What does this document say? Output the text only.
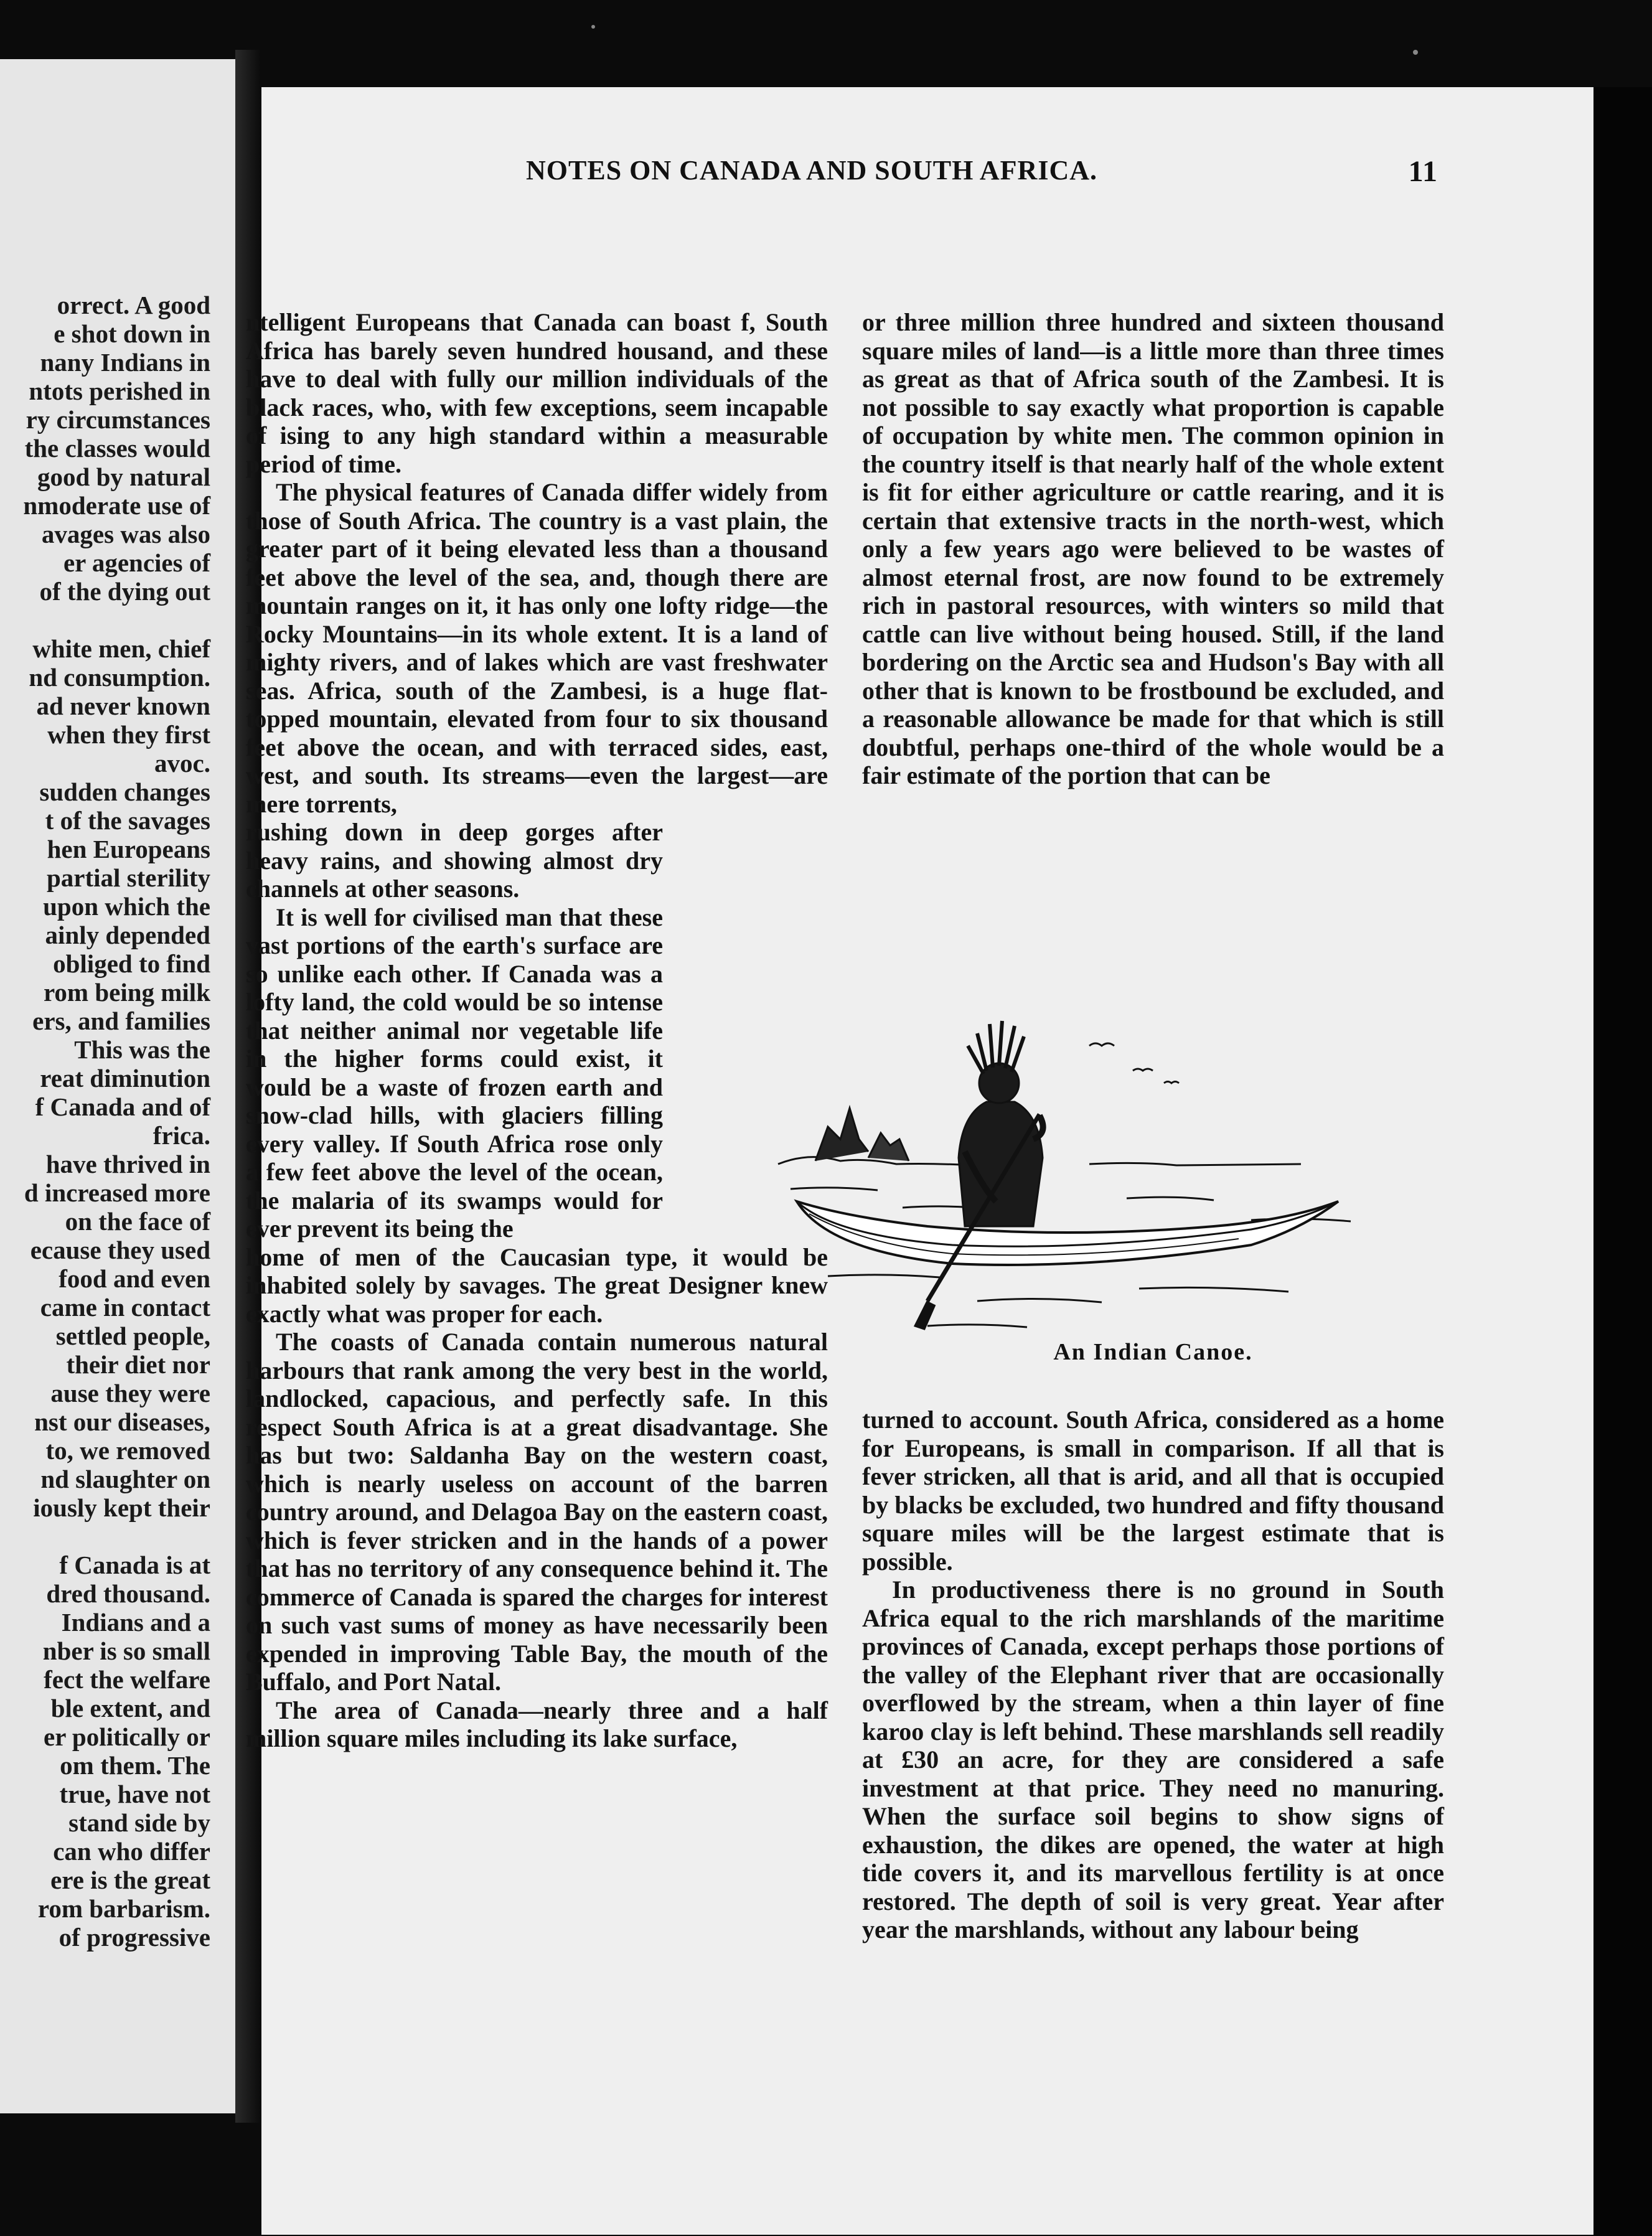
orrect. A good
e shot down in
nany Indians in
ntots perished in
ry circumstances
the classes would
good by natural
nmoderate use of
avages was also
er agencies of
of the dying out
white men, chief
nd consumption.
ad never known
when they first
avoc.
sudden changes
t of the savages
hen Europeans
partial sterility
upon which the
ainly depended
obliged to find
rom being milk
ers, and families
This was the
reat diminution
f Canada and of
frica.
have thrived in
d increased more
on the face of
ecause they used
food and even
came in contact
settled people,
their diet nor
ause they were
nst our diseases,
to, we removed
nd slaughter on
iously kept their
f Canada is at
dred thousand.
Indians and a
nber is so small
fect the welfare
ble extent, and
er politically or
om them. The
true, have not
stand side by
can who differ
ere is the great
rom barbarism.
of progressive
NOTES ON CANADA AND SOUTH AFRICA.	11

ntelligent Europeans that Canada can boast f, South Africa has barely seven hundred housand, and these have to deal with fully our million individuals of the black races, who, with few exceptions, seem incapable of ising to any high standard within a measurable period of time.

The physical features of Canada differ widely from those of South Africa. The country is a vast plain, the greater part of it being elevated less than a thousand feet above the level of the sea, and, though there are mountain ranges on it, it has only one lofty ridge—the Rocky Mountains—in its whole extent. It is a land of mighty rivers, and of lakes which are vast freshwater seas. Africa, south of the Zambesi, is a huge flat-topped mountain, elevated from four to six thousand feet above the ocean, and with terraced sides, east, west, and south. Its streams—even the largest—are mere torrents,

rushing down in deep gorges after heavy rains, and showing almost dry channels at other seasons.

It is well for civilised man that these vast portions of the earth's surface are so unlike each other. If Canada was a lofty land, the cold would be so intense that neither animal nor vegetable life in the higher forms could exist, it would be a waste of frozen earth and snow-clad hills, with glaciers filling every valley. If South Africa rose only a few feet above the level of the ocean, the malaria of its swamps would for ever prevent its being the

home of men of the Caucasian type, it would be inhabited solely by savages. The great Designer knew exactly what was proper for each.

The coasts of Canada contain numerous natural harbours that rank among the very best in the world, landlocked, capacious, and perfectly safe. In this respect South Africa is at a great disadvantage. She has but two: Saldanha Bay on the western coast, which is nearly useless on account of the barren country around, and Delagoa Bay on the eastern coast, which is fever stricken and in the hands of a power that has no territory of any consequence behind it. The commerce of Canada is spared the charges for interest on such vast sums of money as have necessarily been expended in improving Table Bay, the mouth of the Buffalo, and Port Natal.

The area of Canada—nearly three and a half million square miles including its lake surface,

or three million three hundred and sixteen thousand square miles of land—is a little more than three times as great as that of Africa south of the Zambesi. It is not possible to say exactly what proportion is capable of occupation by white men. The common opinion in the country itself is that nearly half of the whole extent is fit for either agriculture or cattle rearing, and it is certain that extensive tracts in the north-west, which only a few years ago were believed to be wastes of almost eternal frost, are now found to be extremely rich in pastoral resources, with winters so mild that cattle can live without being housed. Still, if the land bordering on the Arctic sea and Hudson's Bay with all other that is known to be frostbound be excluded, and a reasonable allowance be made for that which is still doubtful, perhaps one-third of the whole would be a fair estimate of the portion that can be

An Indian Canoe.

turned to account. South Africa, considered as a home for Europeans, is small in comparison. If all that is fever stricken, all that is arid, and all that is occupied by blacks be excluded, two hundred and fifty thousand square miles will be the largest estimate that is possible.

In productiveness there is no ground in South Africa equal to the rich marshlands of the maritime provinces of Canada, except perhaps those portions of the valley of the Elephant river that are occasionally overflowed by the stream, when a thin layer of fine karoo clay is left behind. These marshlands sell readily at £30 an acre, for they are considered a safe investment at that price. They need no manuring. When the surface soil begins to show signs of exhaustion, the dikes are opened, the water at high tide covers it, and its marvellous fertility is at once restored. The depth of soil is very great. Year after year the marshlands, without any labour being
